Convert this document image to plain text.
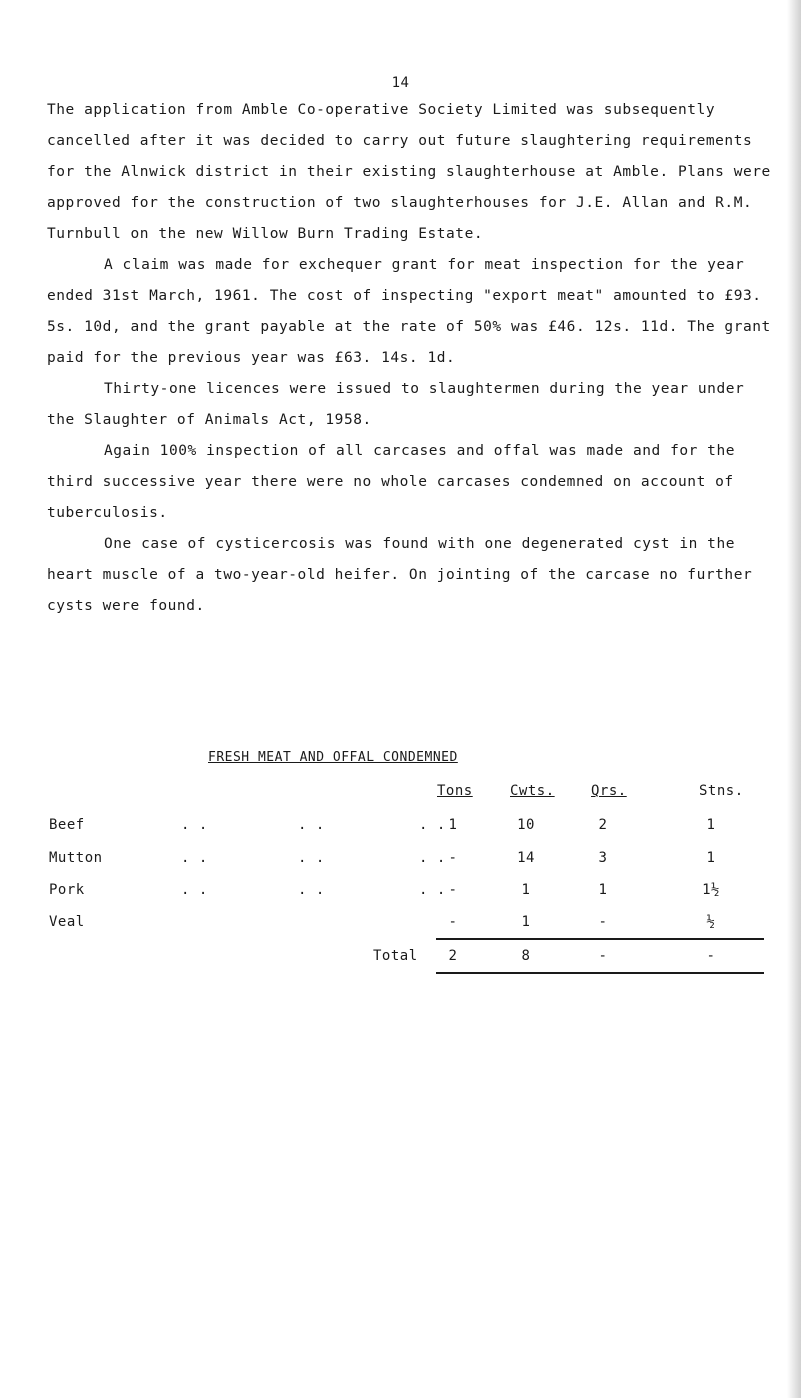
14

The application from Amble Co-operative Society Limited was subsequently cancelled after it was decided to carry out future slaughtering requirements for the Alnwick district in their existing slaughterhouse at Amble. Plans were approved for the construction of two slaughterhouses for J.E. Allan and R.M. Turnbull on the new Willow Burn Trading Estate.

A claim was made for exchequer grant for meat inspection for the year ended 31st March, 1961. The cost of inspecting "export meat" amounted to £93. 5s. 10d, and the grant payable at the rate of 50% was £46. 12s. 11d. The grant paid for the previous year was £63. 14s. 1d.

Thirty-one licences were issued to slaughtermen during the year under the Slaughter of Animals Act, 1958.

Again 100% inspection of all carcases and offal was made and for the third successive year there were no whole carcases condemned on account of tuberculosis.

One case of cysticercosis was found with one degenerated cyst in the heart muscle of a two-year-old heifer. On jointing of the carcase no further cysts were found.

FRESH MEAT AND OFFAL CONDEMNED
Tons	Cwts.	Qrs.	Stns.
Beef	. .	. .	. . 1	10	2	1
Mutton	. .	. .	. . -	14	3	1
Pork	. .	. .	. . -	1	1	1½
Veal	-	1	-	½
Total	2	8	-	-
